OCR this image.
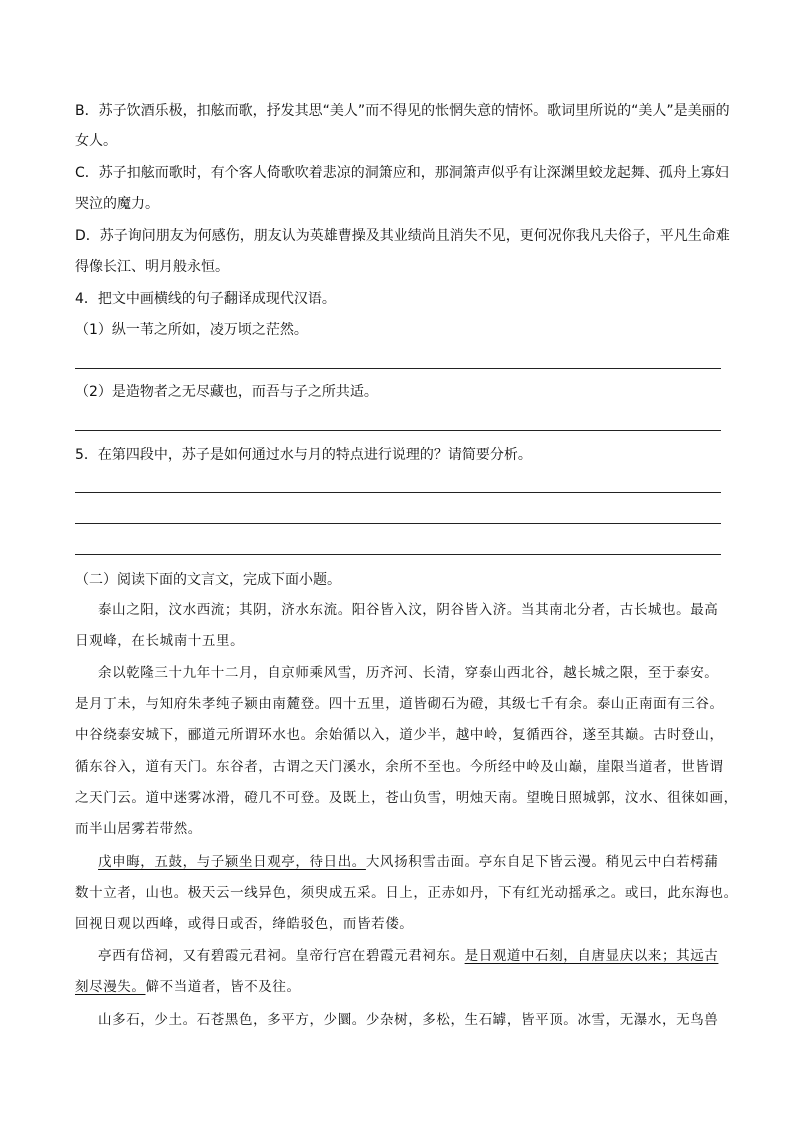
B．苏子饮酒乐极，扣舷而歌，抒发其思“美人”而不得见的怅惘失意的情怀。歌词里所说的“美人”是美丽的
女人。
C．苏子扣舷而歌时，有个客人倚歌吹着悲凉的洞箫应和，那洞箫声似乎有让深渊里蛟龙起舞、孤舟上寡妇
哭泣的魔力。
D．苏子询问朋友为何感伤，朋友认为英雄曹操及其业绩尚且消失不见，更何况你我凡夫俗子，平凡生命难
得像长江、明月般永恒。
4．把文中画横线的句子翻译成现代汉语。
（1）纵一苇之所如，凌万顷之茫然。
（2）是造物者之无尽藏也，而吾与子之所共适。
5．在第四段中，苏子是如何通过水与月的特点进行说理的？请简要分析。
（二）阅读下面的文言文，完成下面小题。
泰山之阳，汶水西流；其阴，济水东流。阳谷皆入汶，阴谷皆入济。当其南北分者，古长城也。最高
日观峰，在长城南十五里。
余以乾隆三十九年十二月，自京师乘风雪，历齐河、长清，穿泰山西北谷，越长城之限，至于泰安。
是月丁未，与知府朱孝纯子颍由南麓登。四十五里，道皆砌石为磴，其级七千有余。泰山正南面有三谷。
中谷绕泰安城下，郦道元所谓环水也。余始循以入，道少半，越中岭，复循西谷，遂至其巅。古时登山，
循东谷入，道有天门。东谷者，古谓之天门溪水，余所不至也。今所经中岭及山巅，崖限当道者，世皆谓
之天门云。道中迷雾冰滑，磴几不可登。及既上，苍山负雪，明烛天南。望晚日照城郭，汶水、徂徕如画，
而半山居雾若带然。
戊申晦，五鼓，与子颍坐日观亭，待日出。大风扬积雪击面。亭东自足下皆云漫。稍见云中白若樗蒱
数十立者，山也。极天云一线异色，须臾成五采。日上，正赤如丹，下有红光动摇承之。或曰，此东海也。
回视日观以西峰，或得日或否，绛皓驳色，而皆若偻。
亭西有岱祠，又有碧霞元君祠。皇帝行宫在碧霞元君祠东。是日观道中石刻，自唐显庆以来；其远古
刻尽漫失。僻不当道者，皆不及往。
山多石，少土。石苍黑色，多平方，少圜。少杂树，多松，生石罅，皆平顶。冰雪，无瀑水，无鸟兽
